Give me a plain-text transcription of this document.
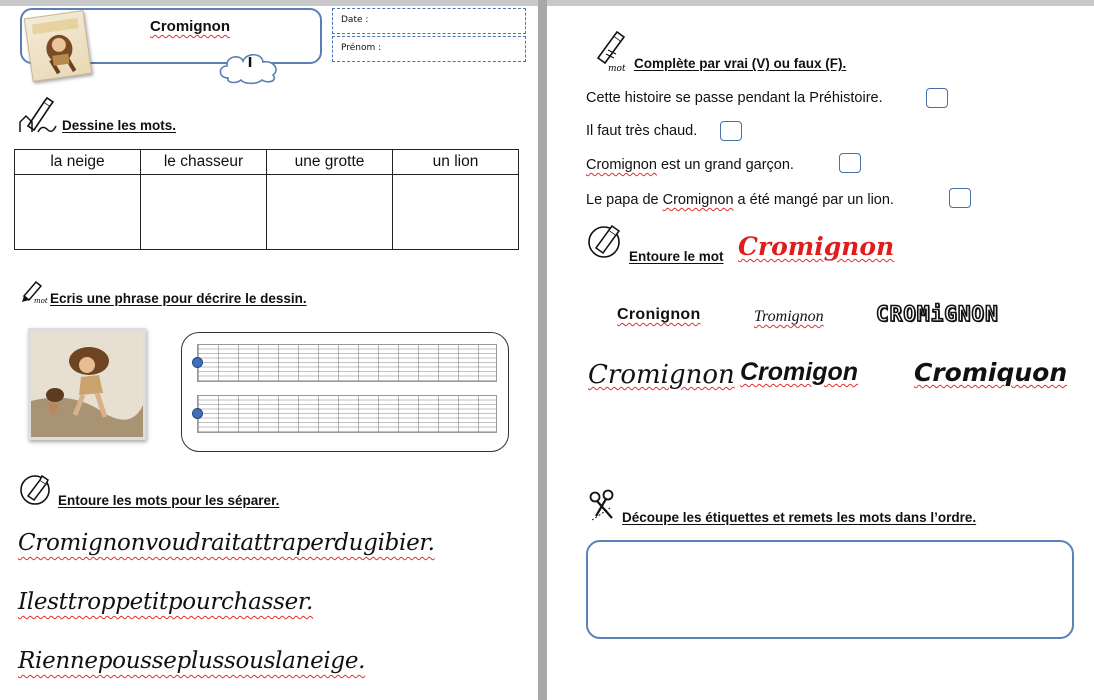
Cromignon
I
Date :
Prénom :
Dessine les mots.
la neige	le chasseur	une grotte	un lion

mot Ecris une phrase pour décrire le dessin.
Entoure les mots pour les séparer.
Cromignonvoudraitattraperdugibier.
Ilesttroppetitpourchasser.
Riennepousseplussouslaneige.
mot Complète par vrai (V) ou faux (F).
Cette histoire se passe pendant la Préhistoire.
Il faut très chaud.
Cromignon est un grand garçon.
Le papa de Cromignon a été mangé par un lion.
Entoure le mot Cromignon
Cronignon	Tromignon CROMiGNON
Cromignon Cromigon Cromiquon
Découpe les étiquettes et remets les mots dans l’ordre.
